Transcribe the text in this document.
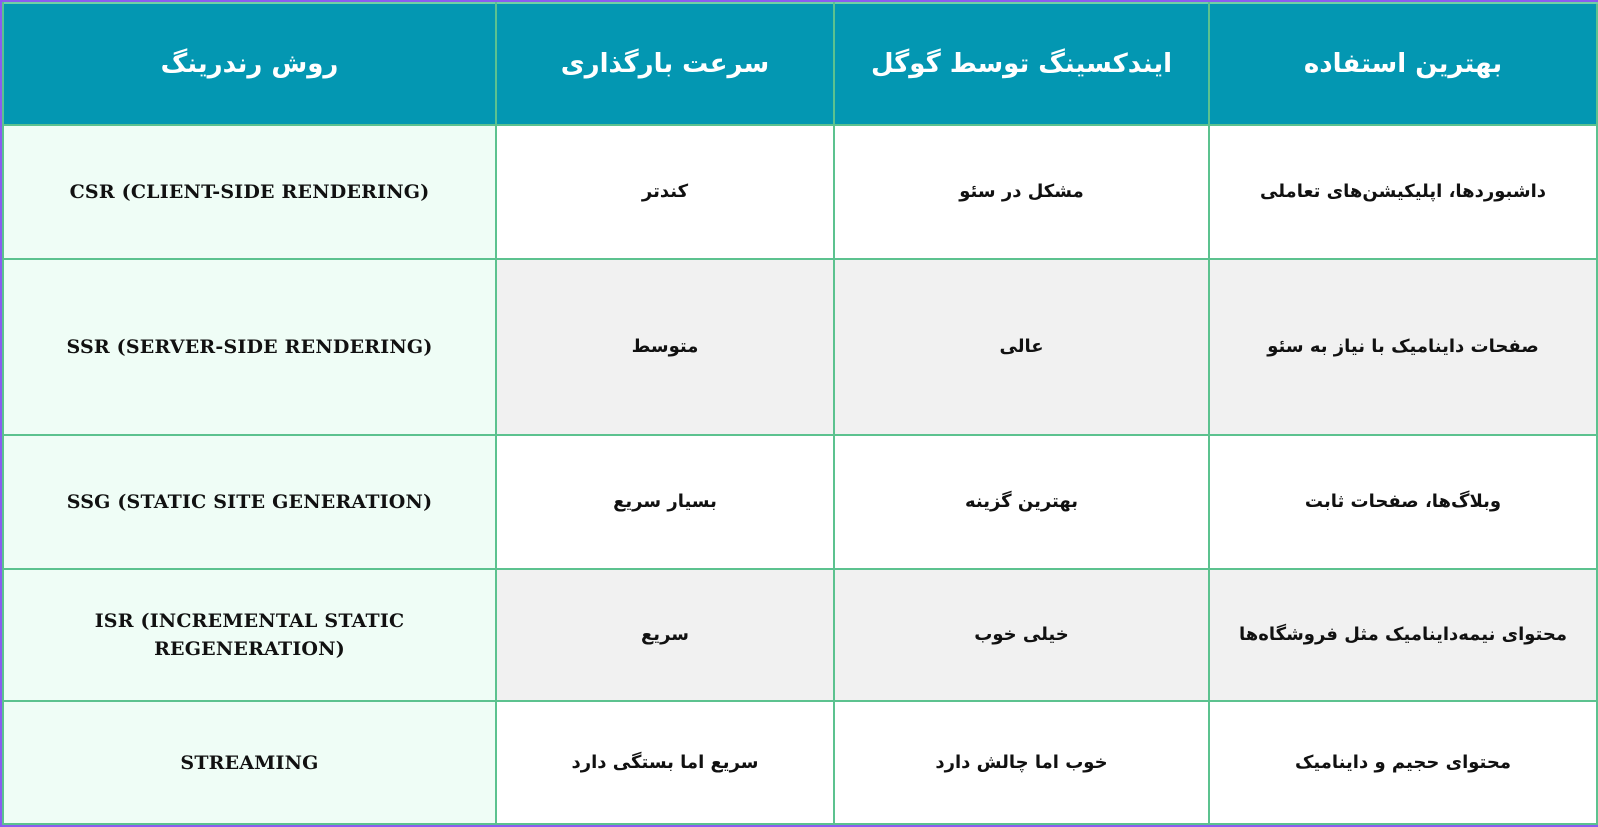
بهترین استفاده	ایندکسینگ توسط گوگل	سرعت بارگذاری	روش رندرینگ
داشبوردها، اپلیکیشن‌های تعاملی	مشکل در سئو	کندتر	CSR (CLIENT-SIDE RENDERING)
صفحات داینامیک با نیاز به سئو	عالی	متوسط	SSR (SERVER-SIDE RENDERING)
وبلاگ‌ها، صفحات ثابت	بهترین گزینه	بسیار سریع	SSG (STATIC SITE GENERATION)
محتوای نیمه‌داینامیک مثل فروشگاه‌ها	خیلی خوب	سریع	ISR (INCREMENTAL STATIC REGENERATION)
محتوای حجیم و داینامیک	خوب اما چالش دارد	سریع اما بستگی دارد	STREAMING
